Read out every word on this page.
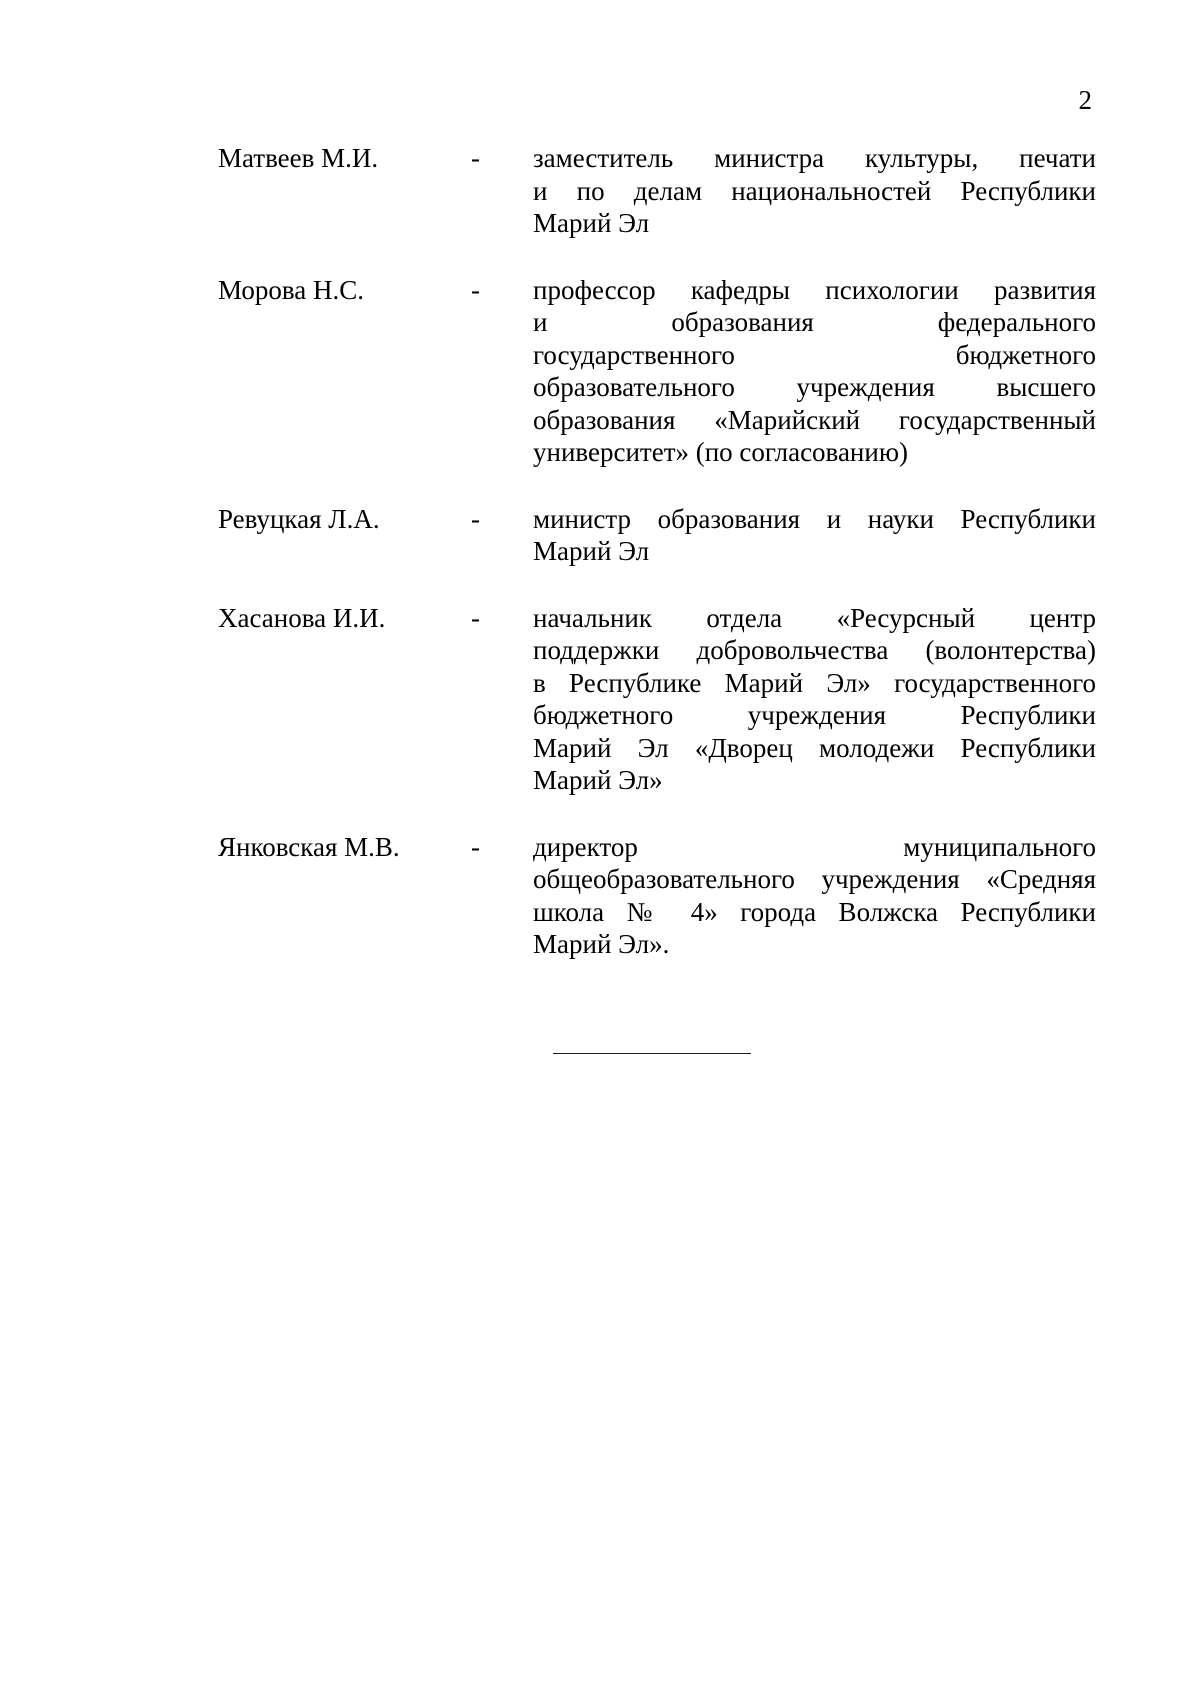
2
Матвеев М.И.	-	заместитель министра культуры, печати
и по делам национальностей Республики
Марий Эл
Морова Н.С.	-	профессор кафедры психологии развития
и образования федерального
государственного бюджетного
образовательного учреждения высшего
образования «Марийский государственный
университет» (по согласованию)
Ревуцкая Л.А.	-	министр образования и науки Республики
Марий Эл
Хасанова И.И.	-	начальник отдела «Ресурсный центр
поддержки добровольчества (волонтерства)
в Республике Марий Эл» государственного
бюджетного учреждения Республики
Марий Эл «Дворец молодежи Республики
Марий Эл»
Янковская М.В.	-	директор муниципального
общеобразовательного учреждения «Средняя
школа № 4» города Волжска Республики
Марий Эл».
